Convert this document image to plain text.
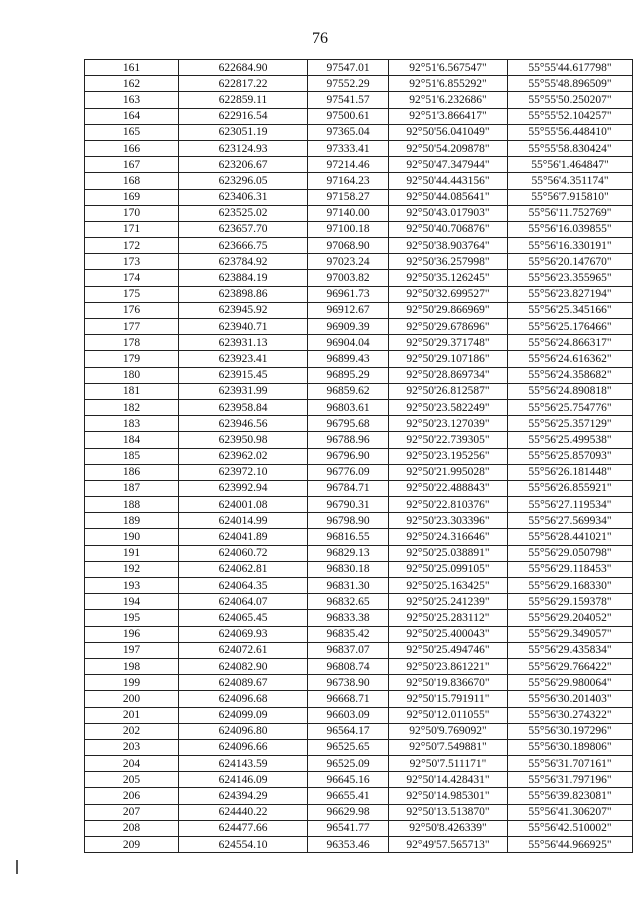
76
161	622684.90	97547.01	92°51'6.567547"	55°55'44.617798"
162	622817.22	97552.29	92°51'6.855292"	55°55'48.896509"
163	622859.11	97541.57	92°51'6.232686"	55°55'50.250207"
164	622916.54	97500.61	92°51'3.866417"	55°55'52.104257"
165	623051.19	97365.04	92°50'56.041049"	55°55'56.448410"
166	623124.93	97333.41	92°50'54.209878"	55°55'58.830424"
167	623206.67	97214.46	92°50'47.347944"	55°56'1.464847"
168	623296.05	97164.23	92°50'44.443156"	55°56'4.351174"
169	623406.31	97158.27	92°50'44.085641"	55°56'7.915810"
170	623525.02	97140.00	92°50'43.017903"	55°56'11.752769"
171	623657.70	97100.18	92°50'40.706876"	55°56'16.039855"
172	623666.75	97068.90	92°50'38.903764"	55°56'16.330191"
173	623784.92	97023.24	92°50'36.257998"	55°56'20.147670"
174	623884.19	97003.82	92°50'35.126245"	55°56'23.355965"
175	623898.86	96961.73	92°50'32.699527"	55°56'23.827194"
176	623945.92	96912.67	92°50'29.866969"	55°56'25.345166"
177	623940.71	96909.39	92°50'29.678696"	55°56'25.176466"
178	623931.13	96904.04	92°50'29.371748"	55°56'24.866317"
179	623923.41	96899.43	92°50'29.107186"	55°56'24.616362"
180	623915.45	96895.29	92°50'28.869734"	55°56'24.358682"
181	623931.99	96859.62	92°50'26.812587"	55°56'24.890818"
182	623958.84	96803.61	92°50'23.582249"	55°56'25.754776"
183	623946.56	96795.68	92°50'23.127039"	55°56'25.357129"
184	623950.98	96788.96	92°50'22.739305"	55°56'25.499538"
185	623962.02	96796.90	92°50'23.195256"	55°56'25.857093"
186	623972.10	96776.09	92°50'21.995028"	55°56'26.181448"
187	623992.94	96784.71	92°50'22.488843"	55°56'26.855921"
188	624001.08	96790.31	92°50'22.810376"	55°56'27.119534"
189	624014.99	96798.90	92°50'23.303396"	55°56'27.569934"
190	624041.89	96816.55	92°50'24.316646"	55°56'28.441021"
191	624060.72	96829.13	92°50'25.038891"	55°56'29.050798"
192	624062.81	96830.18	92°50'25.099105"	55°56'29.118453"
193	624064.35	96831.30	92°50'25.163425"	55°56'29.168330"
194	624064.07	96832.65	92°50'25.241239"	55°56'29.159378"
195	624065.45	96833.38	92°50'25.283112"	55°56'29.204052"
196	624069.93	96835.42	92°50'25.400043"	55°56'29.349057"
197	624072.61	96837.07	92°50'25.494746"	55°56'29.435834"
198	624082.90	96808.74	92°50'23.861221"	55°56'29.766422"
199	624089.67	96738.90	92°50'19.836670"	55°56'29.980064"
200	624096.68	96668.71	92°50'15.791911"	55°56'30.201403"
201	624099.09	96603.09	92°50'12.011055"	55°56'30.274322"
202	624096.80	96564.17	92°50'9.769092"	55°56'30.197296"
203	624096.66	96525.65	92°50'7.549881"	55°56'30.189806"
204	624143.59	96525.09	92°50'7.511171"	55°56'31.707161"
205	624146.09	96645.16	92°50'14.428431"	55°56'31.797196"
206	624394.29	96655.41	92°50'14.985301"	55°56'39.823081"
207	624440.22	96629.98	92°50'13.513870"	55°56'41.306207"
208	624477.66	96541.77	92°50'8.426339"	55°56'42.510002"
209	624554.10	96353.46	92°49'57.565713"	55°56'44.966925"
